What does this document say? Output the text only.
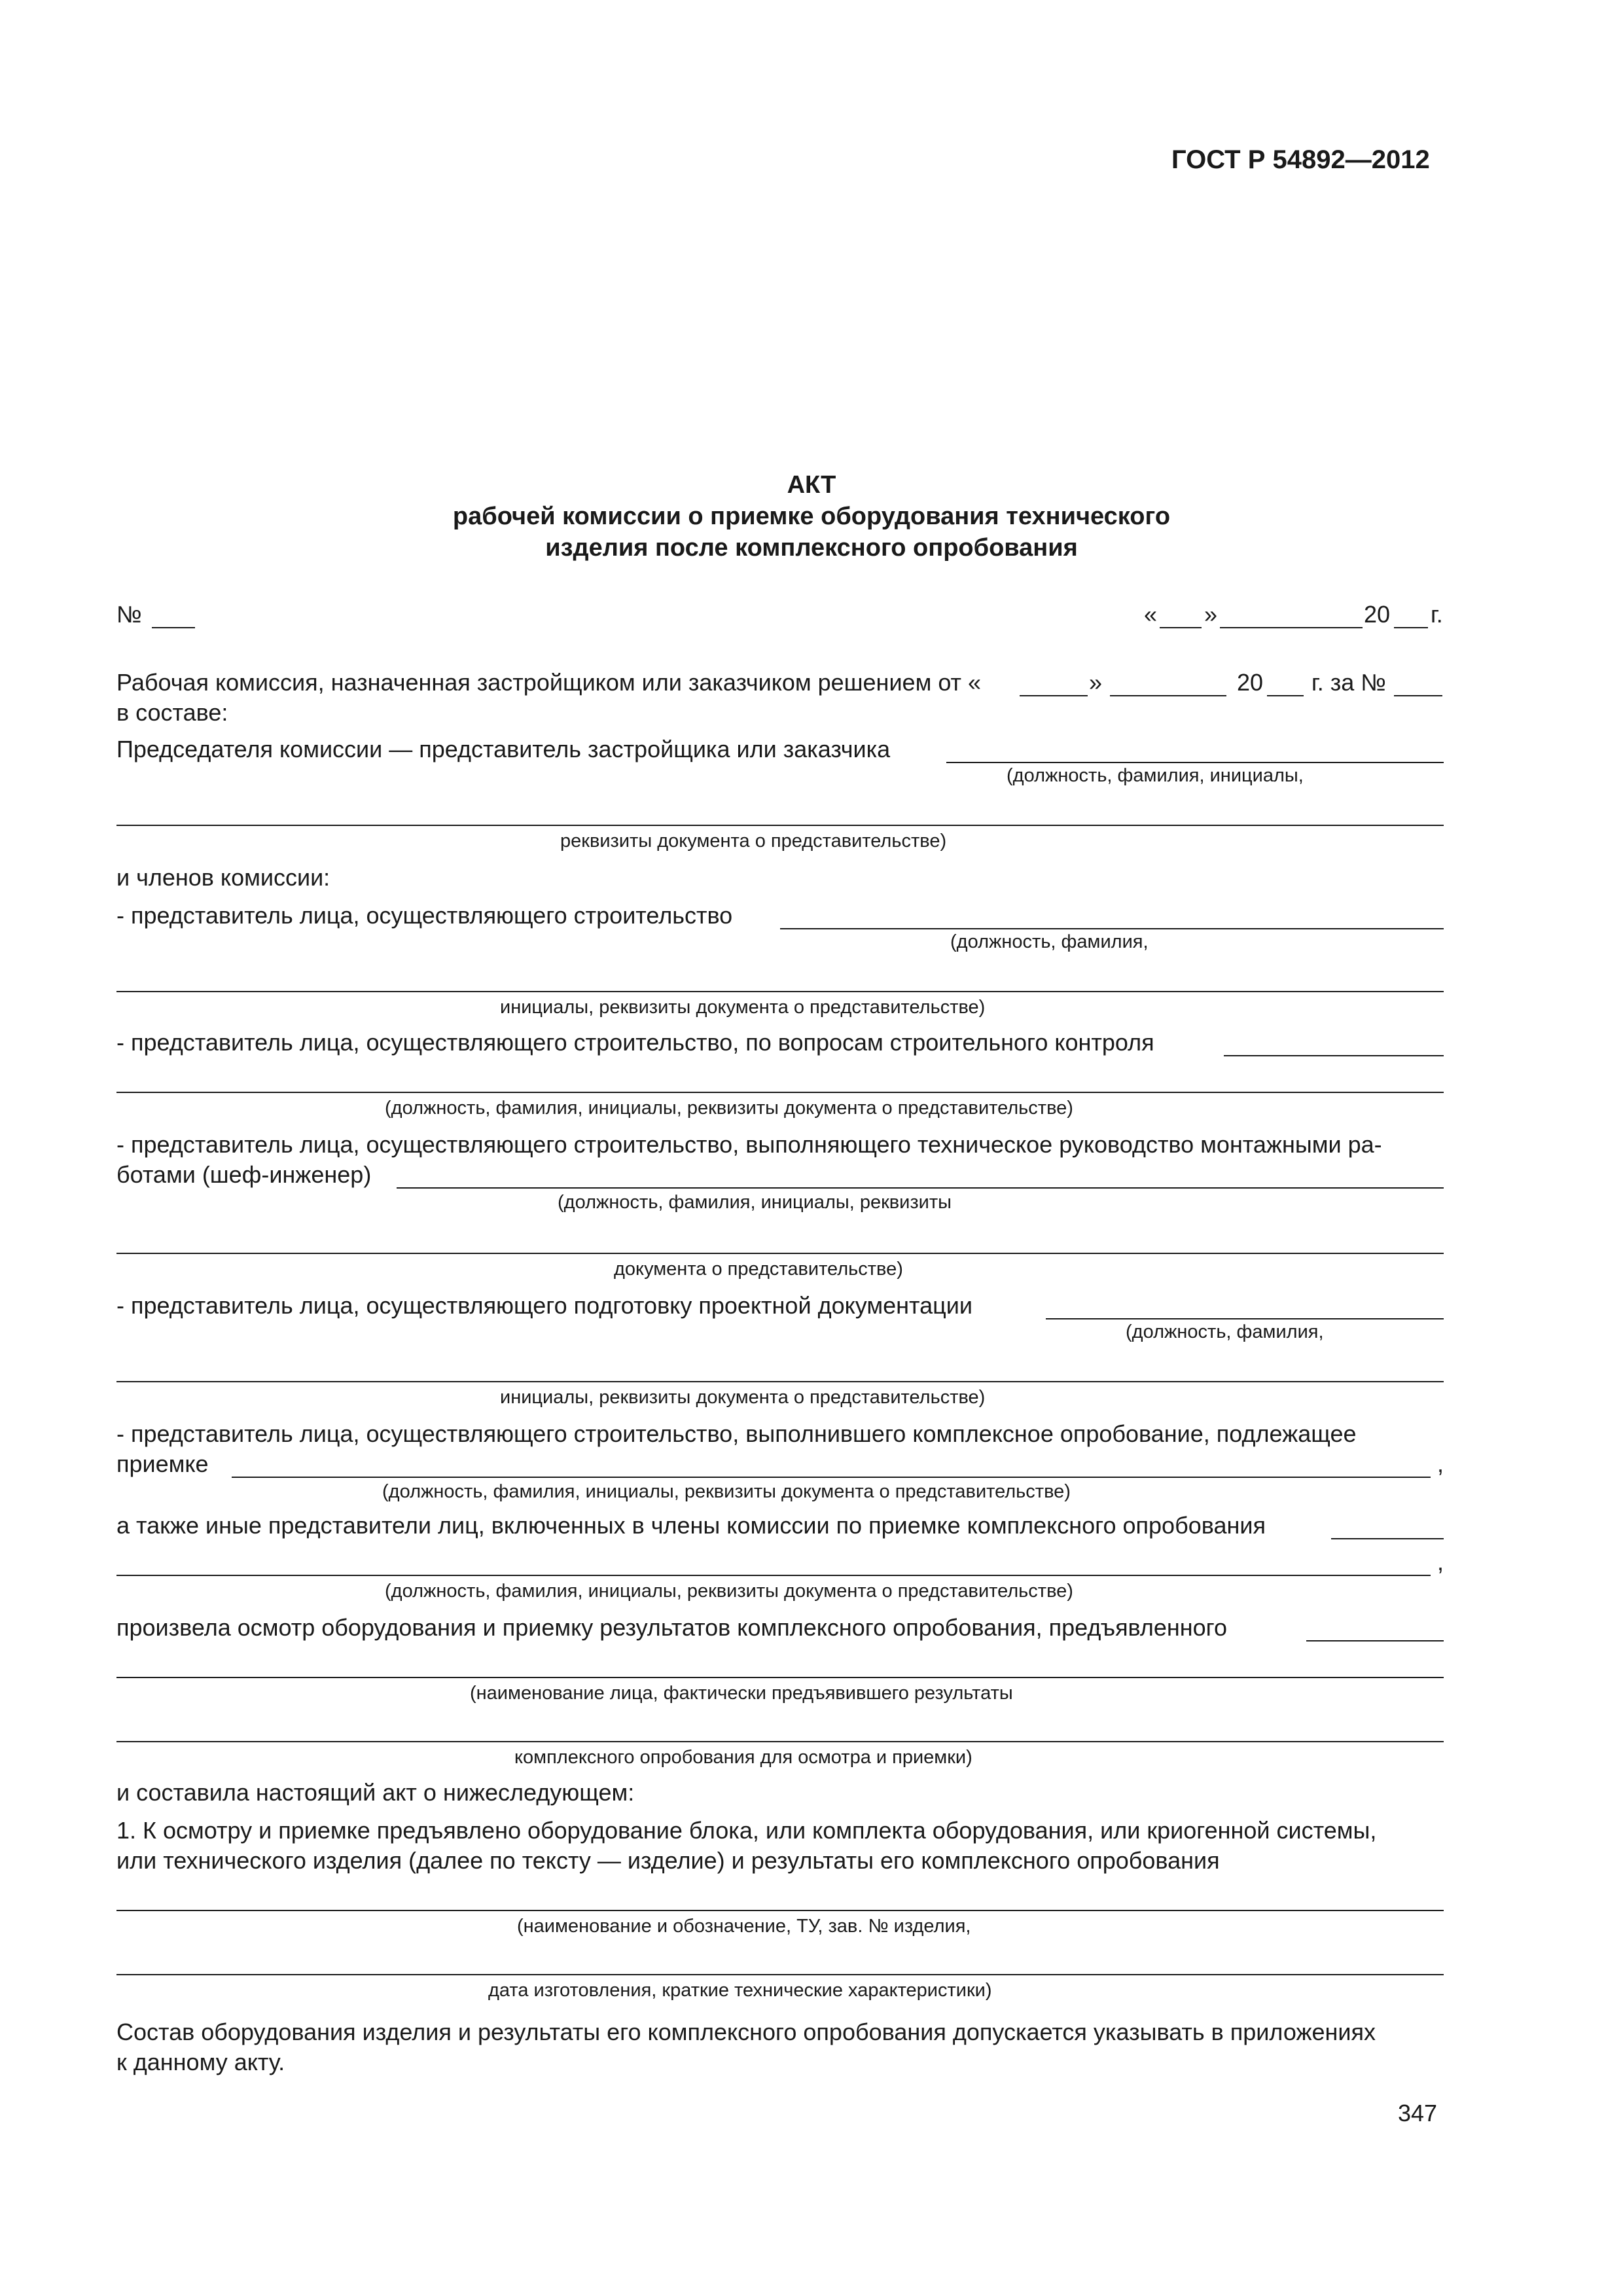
ГОСТ Р 54892—2012
АКТ
рабочей комиссии о приемке оборудования технического
изделия после комплексного опробования
№	« »	20 г.
Рабочая комиссия, назначенная застройщиком или заказчиком решением от «	»	20 г. за №
в составе:
Председателя комиссии — представитель застройщика или заказчика
(должность, фамилия, инициалы,
реквизиты документа о представительстве)
и членов комиссии:
- представитель лица, осуществляющего строительство
(должность, фамилия,
инициалы, реквизиты документа о представительстве)
- представитель лица, осуществляющего строительство, по вопросам строительного контроля
(должность, фамилия, инициалы, реквизиты документа о представительстве)
- представитель лица, осуществляющего строительство, выполняющего техническое руководство монтажными ра-
ботами (шеф-инженер)
(должность, фамилия, инициалы, реквизиты
документа о представительстве)
- представитель лица, осуществляющего подготовку проектной документации
(должность, фамилия,
инициалы, реквизиты документа о представительстве)
- представитель лица, осуществляющего строительство, выполнившего комплексное опробование, подлежащее
приемке	,
(должность, фамилия, инициалы, реквизиты документа о представительстве)
а также иные представители лиц, включенных в члены комиссии по приемке комплексного опробования
,
(должность, фамилия, инициалы, реквизиты документа о представительстве)
произвела осмотр оборудования и приемку результатов комплексного опробования, предъявленного
(наименование лица, фактически предъявившего результаты
комплексного опробования для осмотра и приемки)
и составила настоящий акт о нижеследующем:
1. К осмотру и приемке предъявлено оборудование блока, или комплекта оборудования, или криогенной системы,
или технического изделия (далее по тексту — изделие) и результаты его комплексного опробования
(наименование и обозначение, ТУ, зав. № изделия,
дата изготовления, краткие технические характеристики)
Состав оборудования изделия и результаты его комплексного опробования допускается указывать в приложениях
к данному акту.
347
